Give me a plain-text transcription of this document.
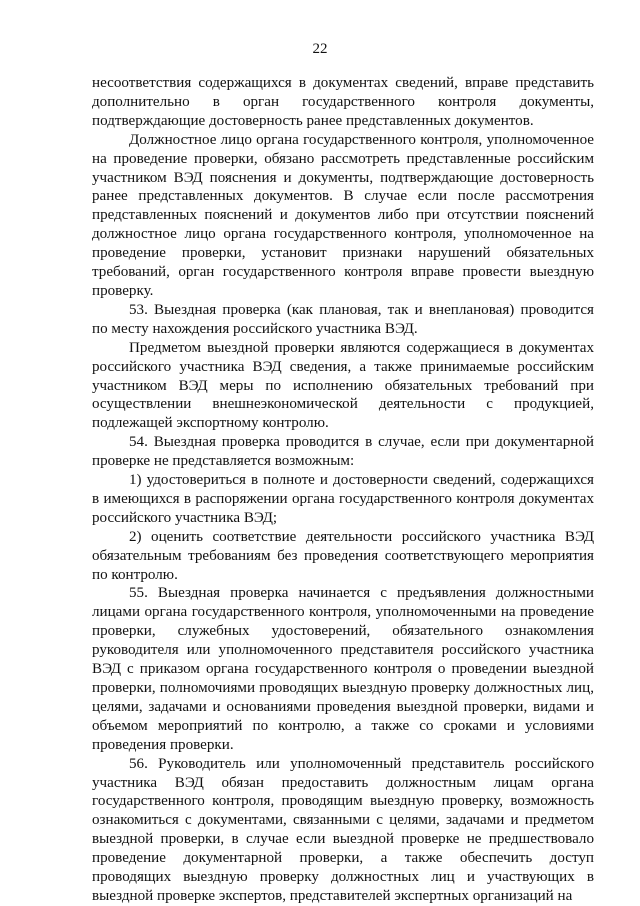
22

несоответствия содержащихся в документах сведений, вправе представить дополнительно в орган государственного контроля документы, подтверждающие достоверность ранее представленных документов.

Должностное лицо органа государственного контроля, уполномоченное на проведение проверки, обязано рассмотреть представленные российским участником ВЭД пояснения и документы, подтверждающие достоверность ранее представленных документов. В случае если после рассмотрения представленных пояснений и документов либо при отсутствии пояснений должностное лицо органа государственного контроля, уполномоченное на проведение проверки, установит признаки нарушений обязательных требований, орган государственного контроля вправе провести выездную проверку.

53. Выездная проверка (как плановая, так и внеплановая) проводится по месту нахождения российского участника ВЭД.

Предметом выездной проверки являются содержащиеся в документах российского участника ВЭД сведения, а также принимаемые российским участником ВЭД меры по исполнению обязательных требований при осуществлении внешнеэкономической деятельности с продукцией, подлежащей экспортному контролю.

54. Выездная проверка проводится в случае, если при документарной проверке не представляется возможным:

1) удостовериться в полноте и достоверности сведений, содержащихся в имеющихся в распоряжении органа государственного контроля документах российского участника ВЭД;

2) оценить соответствие деятельности российского участника ВЭД обязательным требованиям без проведения соответствующего мероприятия по контролю.

55. Выездная проверка начинается с предъявления должностными лицами органа государственного контроля, уполномоченными на проведение проверки, служебных удостоверений, обязательного ознакомления руководителя или уполномоченного представителя российского участника ВЭД с приказом органа государственного контроля о проведении выездной проверки, полномочиями проводящих выездную проверку должностных лиц, целями, задачами и основаниями проведения выездной проверки, видами и объемом мероприятий по контролю, а также со сроками и условиями проведения проверки.

56. Руководитель или уполномоченный представитель российского участника ВЭД обязан предоставить должностным лицам органа государственного контроля, проводящим выездную проверку, возможность ознакомиться с документами, связанными с целями, задачами и предметом выездной проверки, в случае если выездной проверке не предшествовало проведение документарной проверки, а также обеспечить доступ проводящих выездную проверку должностных лиц и участвующих в выездной проверке экспертов, представителей экспертных организаций на
